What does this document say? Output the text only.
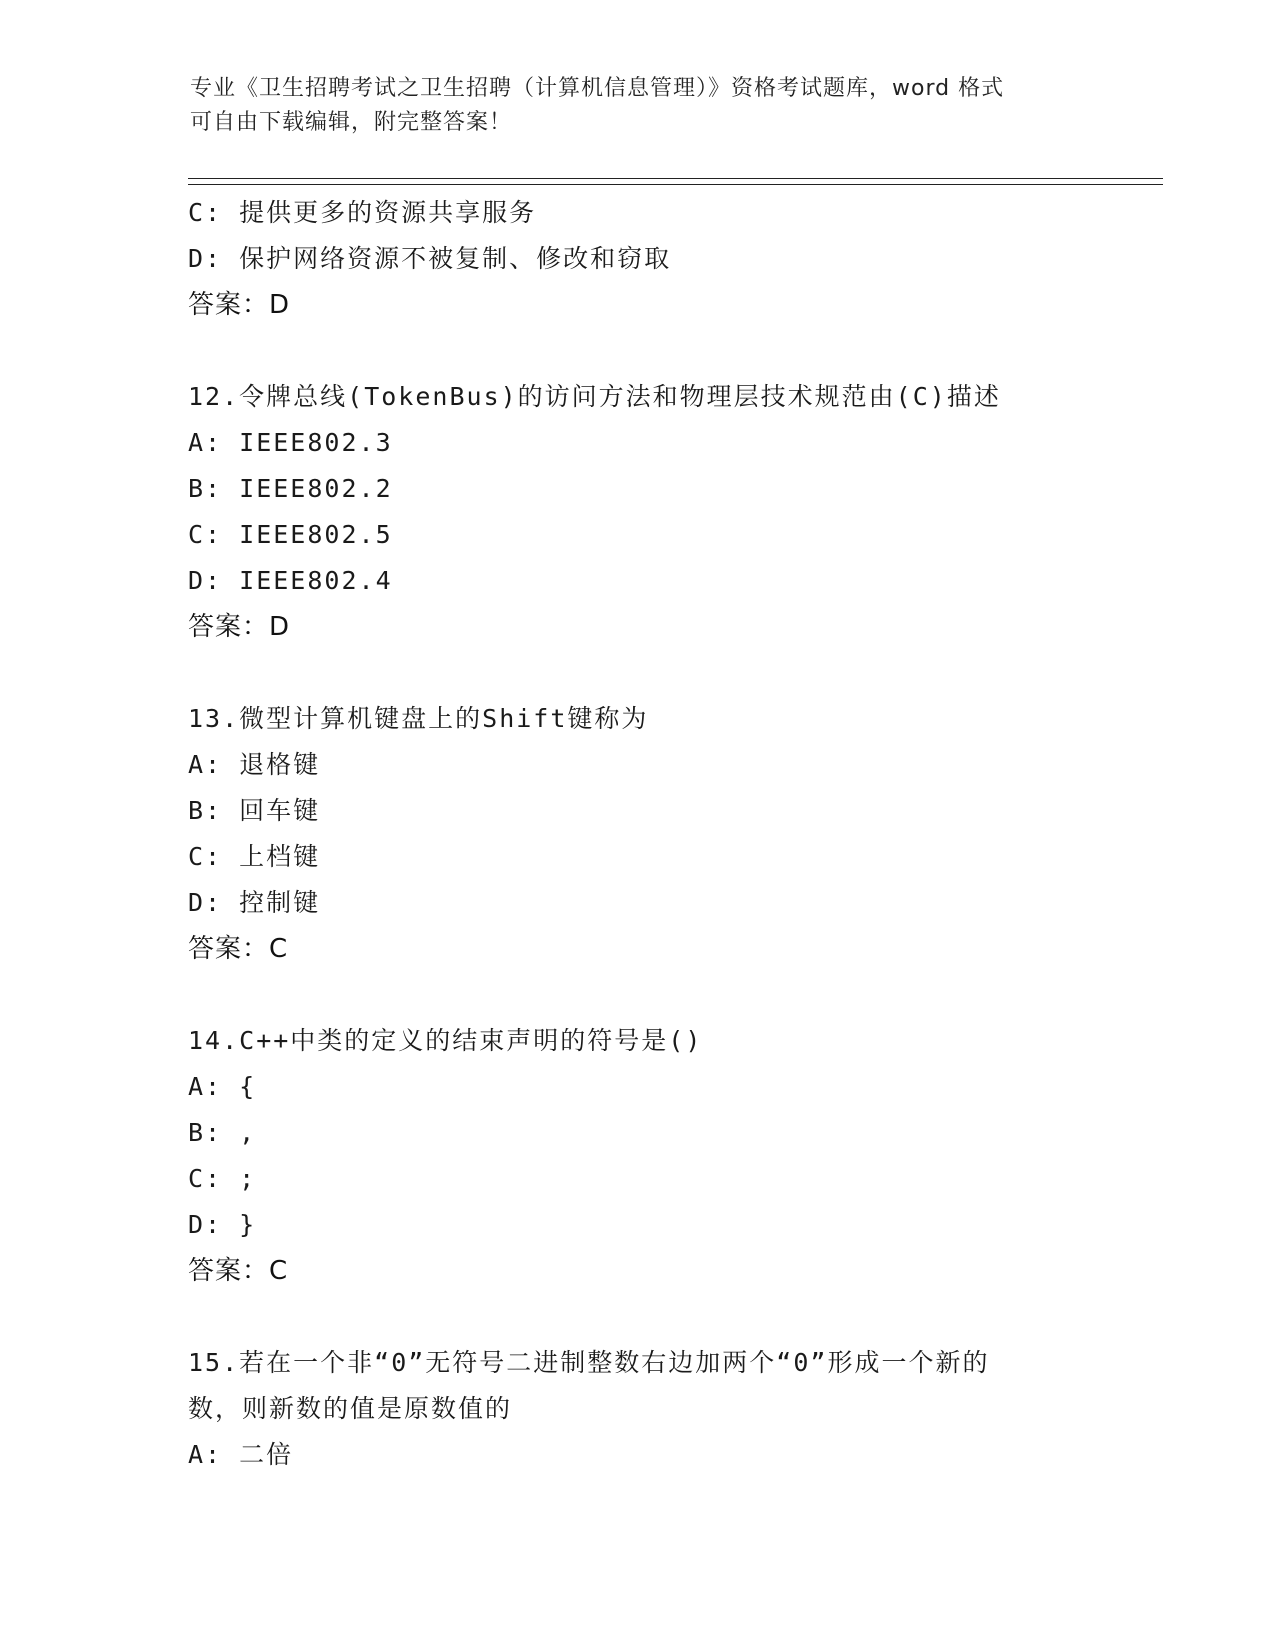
专业《卫生招聘考试之卫生招聘（计算机信息管理）》资格考试题库，word 格式
可自由下载编辑，附完整答案！
C: 提供更多的资源共享服务
D: 保护网络资源不被复制、修改和窃取
答案：D
12.令牌总线(TokenBus)的访问方法和物理层技术规范由(C)描述
A: IEEE802.3
B: IEEE802.2
C: IEEE802.5
D: IEEE802.4
答案：D
13.微型计算机键盘上的Shift键称为
A: 退格键
B: 回车键
C: 上档键
D: 控制键
答案：C
14.C++中类的定义的结束声明的符号是()
A: {
B: ,
C: ;
D: }
答案：C
15.若在一个非“0”无符号二进制整数右边加两个“0”形成一个新的
数，则新数的值是原数值的
A: 二倍
